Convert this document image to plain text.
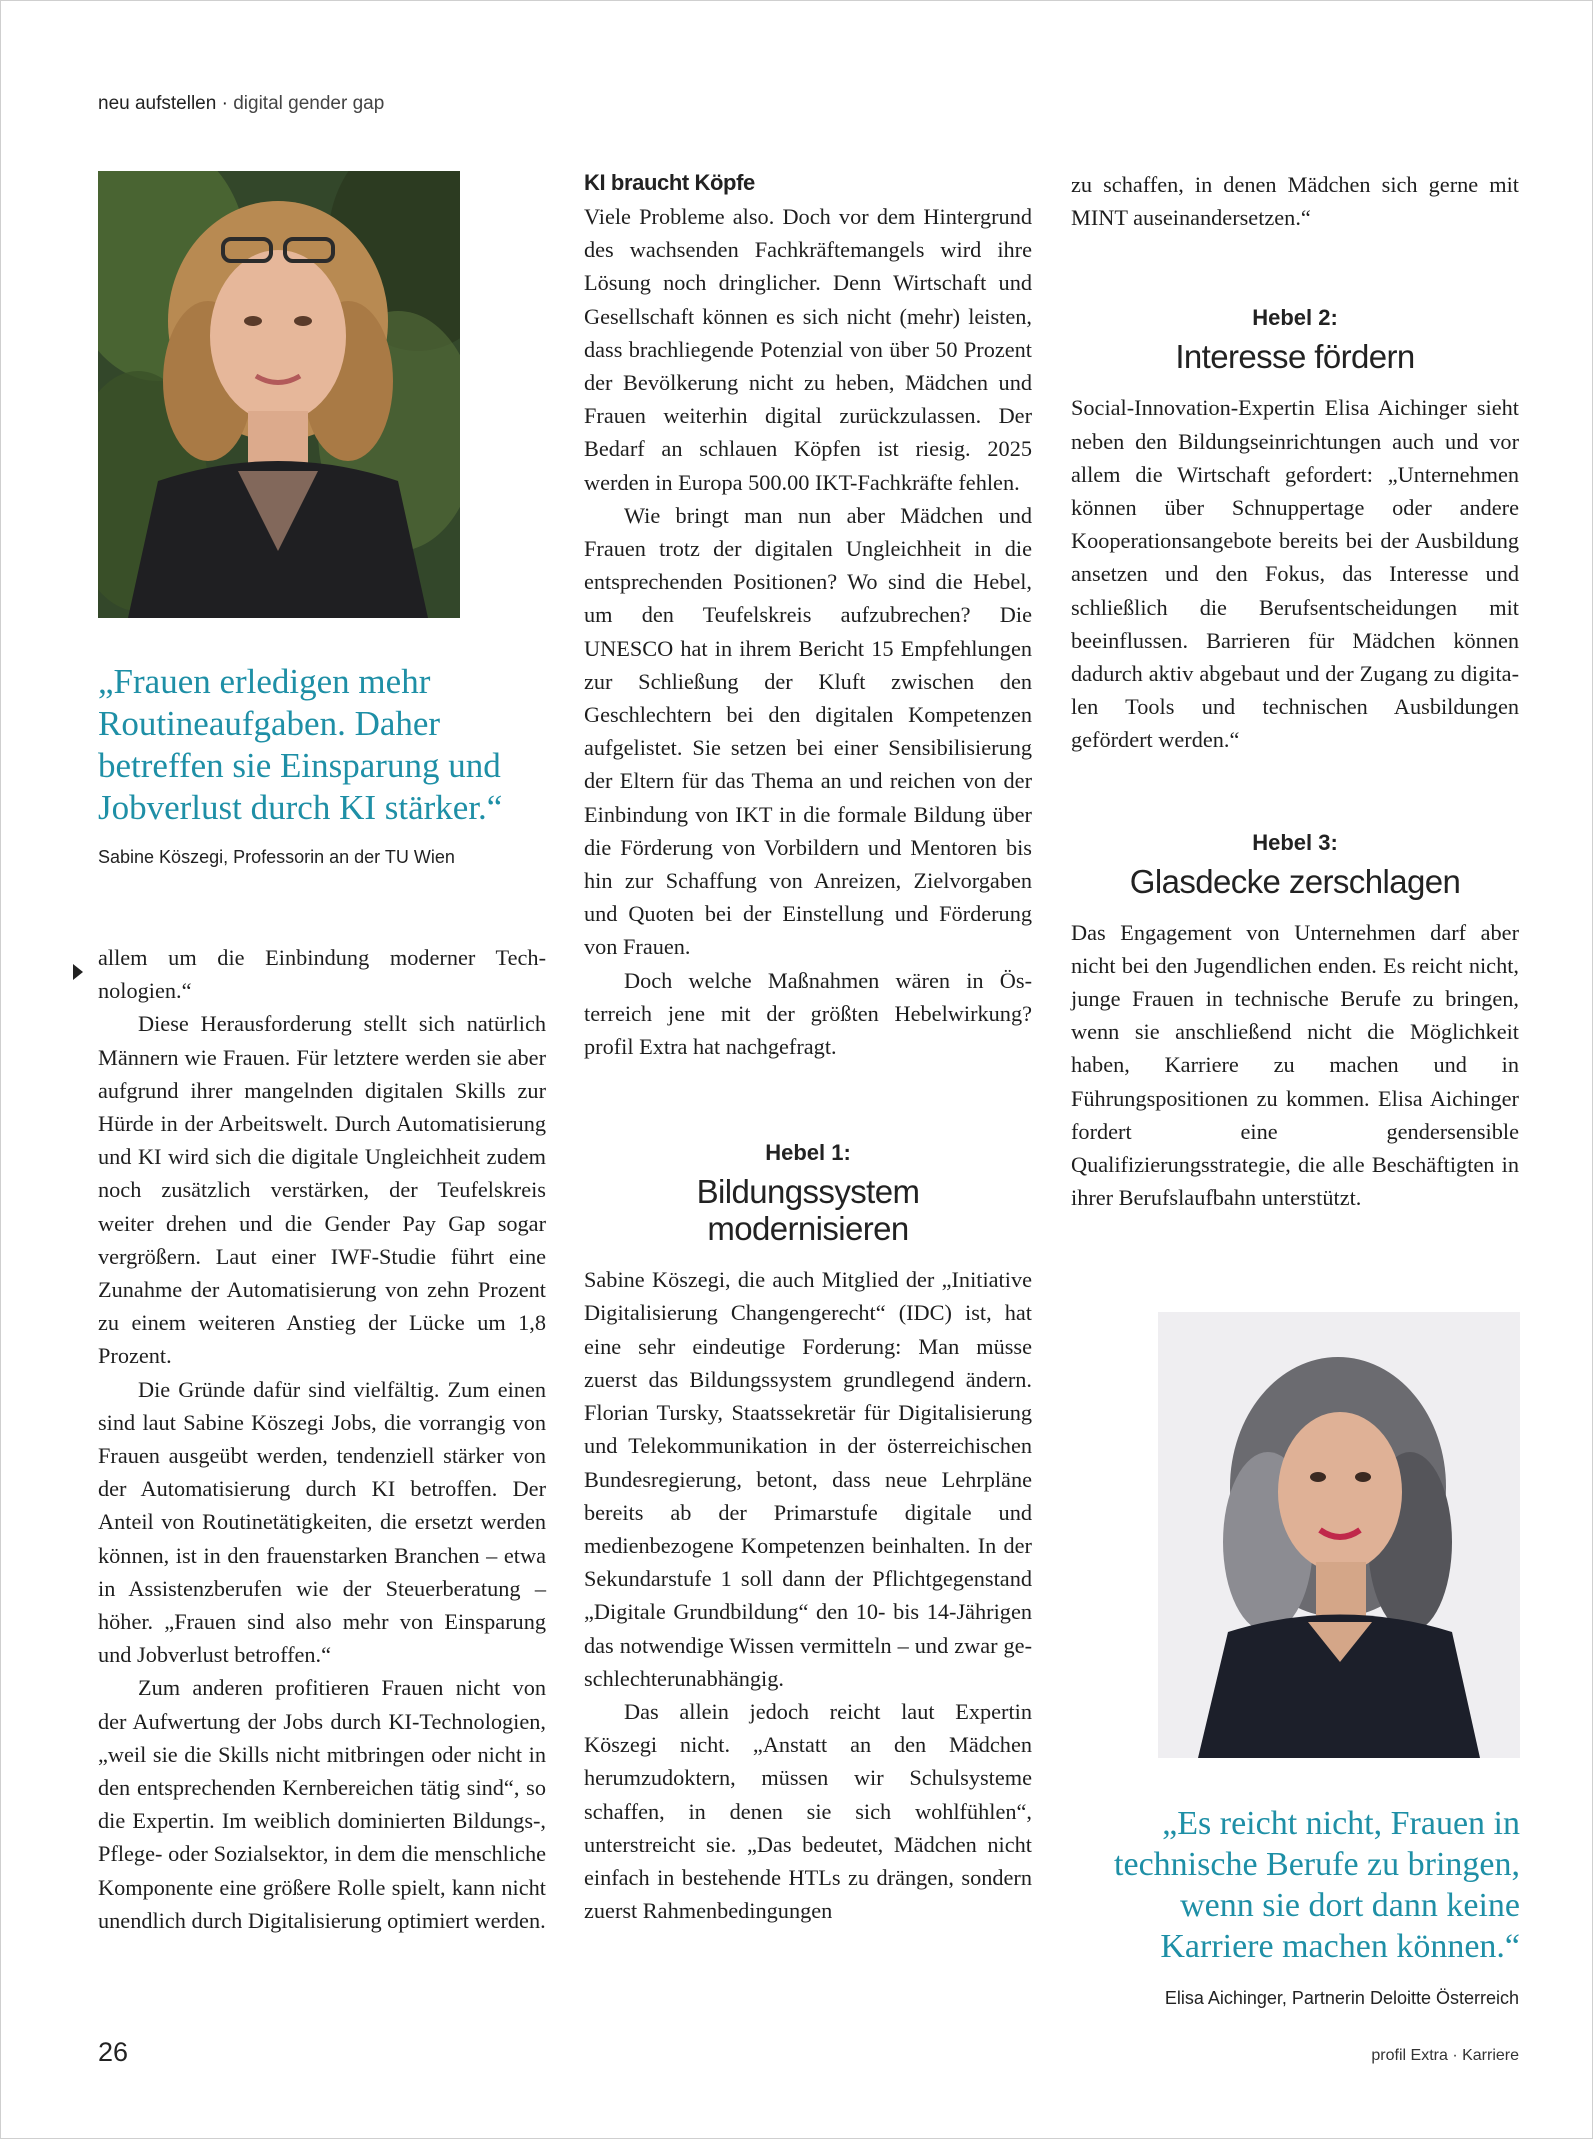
neu aufstellen · digital gender gap
„Frauen erledigen mehr Routineaufgaben. Daher betreffen sie Einsparung und Jobverlust durch KI stärker.“
Sabine Köszegi, Professorin an der TU Wien

allem um die Einbindung moderner Technologien.“

Diese Herausforderung stellt sich natürlich Männern wie Frauen. Für letztere werden sie aber aufgrund ihrer mangelnden digitalen Skills zur Hürde in der Arbeitswelt. Durch Automatisierung und KI wird sich die digitale Ungleichheit zudem noch zusätzlich verstärken, der Teufelskreis weiter drehen und die Gender Pay Gap sogar vergrößern. Laut einer IWF-Studie führt eine Zunahme der Automatisierung von zehn Prozent zu einem weiteren Anstieg der Lücke um 1,8 Prozent.

Die Gründe dafür sind vielfältig. Zum einen sind laut Sabine Köszegi Jobs, die vorrangig von Frauen ausgeübt werden, tendenziell stärker von der Automatisierung durch KI betroffen. Der Anteil von Routinetätigkeiten, die ersetzt werden können, ist in den frauenstarken Branchen – etwa in Assistenzberufen wie der Steuerberatung – höher. „Frauen sind also mehr von Einsparung und Jobverlust betroffen.“

Zum anderen profitieren Frauen nicht von der Aufwertung der Jobs durch KI-Technologien, „weil sie die Skills nicht mitbringen oder nicht in den entsprechenden Kernbereichen tätig sind“, so die Expertin. Im weiblich dominierten Bildungs-, Pflege- oder Sozialsektor, in dem die menschliche Komponente eine größere Rolle spielt, kann nicht unendlich durch Digitalisierung optimiert werden.

KI braucht Köpfe

Viele Probleme also. Doch vor dem Hintergrund des wachsenden Fachkräftemangels wird ihre Lösung noch dringlicher. Denn Wirtschaft und Gesellschaft können es sich nicht (mehr) leisten, dass brachliegende Potenzial von über 50 Prozent der Bevölkerung nicht zu heben, Mädchen und Frauen weiterhin digital zurückzulassen. Der Bedarf an schlauen Köpfen ist riesig. 2025 werden in Europa 500.00 IKT-Fachkräfte fehlen.

Wie bringt man nun aber Mädchen und Frauen trotz der digitalen Ungleichheit in die entsprechenden Positionen? Wo sind die Hebel, um den Teufelskreis aufzubrechen? Die UNESCO hat in ihrem Bericht 15 Empfehlungen zur Schließung der Kluft zwischen den Geschlechtern bei den digitalen Kompetenzen aufgelistet. Sie setzen bei einer Sensibilisierung der Eltern für das Thema an und reichen von der Einbindung von IKT in die formale Bildung über die Förderung von Vorbildern und Mentoren bis hin zur Schaffung von Anreizen, Zielvorgaben und Quoten bei der Einstellung und Förderung von Frauen.

Doch welche Maßnahmen wären in Österreich jene mit der größten Hebelwirkung? profil Extra hat nachgefragt.

Hebel 1:

Bildungssystem modernisieren

Sabine Köszegi, die auch Mitglied der „Initiative Digitalisierung Changengerecht“ (IDC) ist, hat eine sehr eindeutige Forderung: Man müsse zuerst das Bildungssystem grundlegend ändern. Florian Tursky, Staatssekretär für Digitalisierung und Telekommunikation in der österreichischen Bundesregierung, betont, dass neue Lehrpläne bereits ab der Primarstufe digitale und medienbezogene Kompetenzen beinhalten. In der Sekundarstufe 1 soll dann der Pflichtgegenstand „Digitale Grundbildung“ den 10- bis 14-Jährigen das notwendige Wissen vermitteln – und zwar geschlechterunabhängig.

Das allein jedoch reicht laut Expertin Köszegi nicht. „Anstatt an den Mädchen herumzudoktern, müssen wir Schulsysteme schaffen, in denen sie sich wohlfühlen“, unterstreicht sie. „Das bedeutet, Mädchen nicht einfach in bestehende HTLs zu drängen, sondern zuerst Rahmenbedingungen

zu schaffen, in denen Mädchen sich gerne mit MINT auseinandersetzen.“

Hebel 2:

Interesse fördern

Social-Innovation-Expertin Elisa Aichinger sieht neben den Bildungseinrichtungen auch und vor allem die Wirtschaft gefordert: „Unternehmen können über Schnuppertage oder andere Kooperationsangebote bereits bei der Ausbildung ansetzen und den Fokus, das Interesse und schließlich die Berufsentscheidungen mit beeinflussen. Barrieren für Mädchen können dadurch aktiv abgebaut und der Zugang zu digitalen Tools und technischen Ausbildungen gefördert werden.“

Hebel 3:

Glasdecke zerschlagen

Das Engagement von Unternehmen darf aber nicht bei den Jugendlichen enden. Es reicht nicht, junge Frauen in technische Berufe zu bringen, wenn sie anschließend nicht die Möglichkeit haben, Karriere zu machen und in Führungspositionen zu kommen. Elisa Aichinger fordert eine gendersensible Qualifizierungsstrategie, die alle Beschäftigten in ihrer Berufslaufbahn unterstützt.

„Es reicht nicht, Frauen in technische Berufe zu bringen, wenn sie dort dann keine Karriere machen können.“
Elisa Aichinger, Partnerin Deloitte Österreich
26	profil Extra · Karriere
